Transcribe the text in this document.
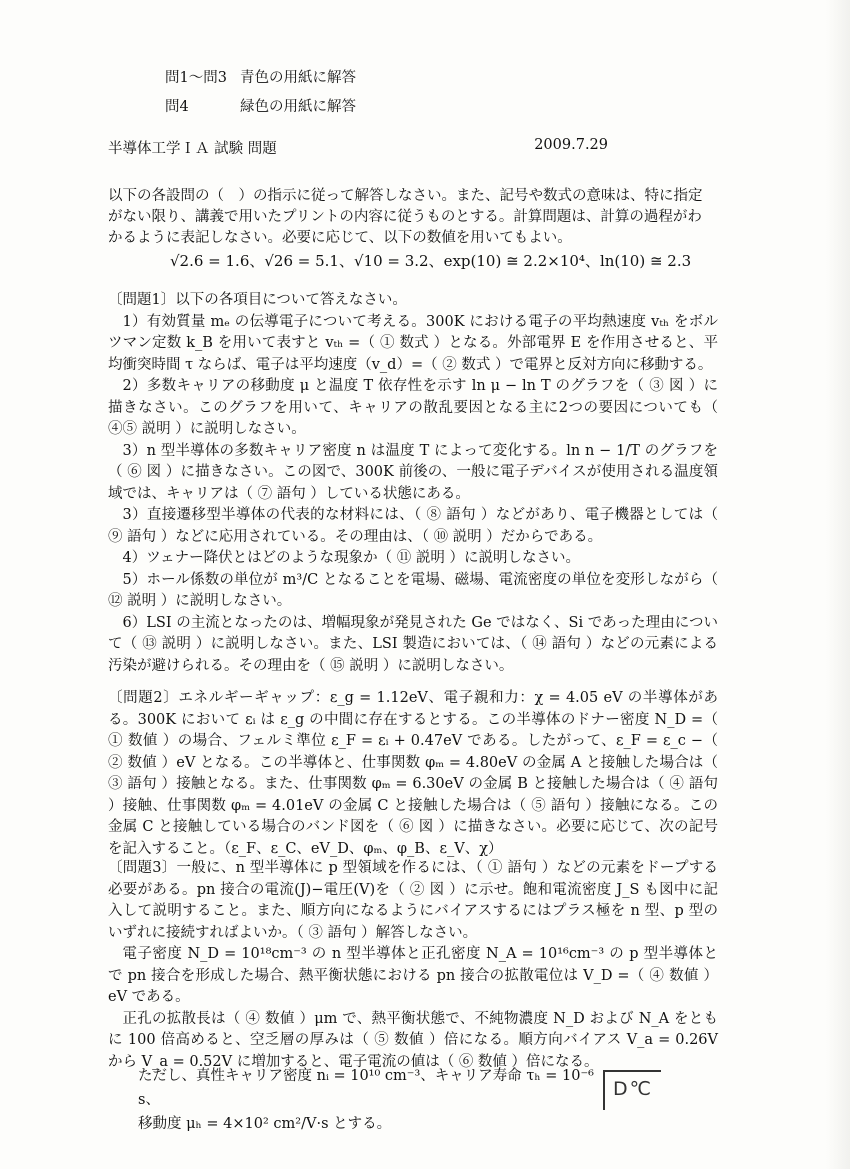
問1～問3 青色の用紙に解答
問4	緑色の用紙に解答
半導体工学ＩＡ 試験 問題	2009.7.29
以下の各設問の（　）の指示に従って解答しなさい。また、記号や数式の意味は、特に指定がない限り、講義で用いたプリントの内容に従うものとする。計算問題は、計算の過程がわかるように表記しなさい。必要に応じて、以下の数値を用いてもよい。
√2.6 = 1.6、√26 = 5.1、√10 = 3.2、exp(10) ≅ 2.2×10⁴、ln(10) ≅ 2.3

〔問題1〕以下の各項目について答えなさい。

1）有効質量 mₑ の伝導電子について考える。300K における電子の平均熱速度 vₜₕ をボルツマン定数 k_B を用いて表すと vₜₕ =（ ① 数式 ）となる。外部電界 E を作用させると、平均衝突時間 τ ならば、電子は平均速度（v_d）=（ ② 数式 ）で電界と反対方向に移動する。

2）多数キャリアの移動度 μ と温度 T 依存性を示す ln μ − ln T のグラフを（ ③ 図 ）に描きなさい。このグラフを用いて、キャリアの散乱要因となる主に2つの要因についても（ ④⑤ 説明 ）に説明しなさい。

3）n 型半導体の多数キャリア密度 n は温度 T によって変化する。ln n − 1/T のグラフを（ ⑥ 図 ）に描きなさい。この図で、300K 前後の、一般に電子デバイスが使用される温度領域では、キャリアは（ ⑦ 語句 ）している状態にある。

3）直接遷移型半導体の代表的な材料には、（ ⑧ 語句 ）などがあり、電子機器としては（ ⑨ 語句 ）などに応用されている。その理由は、（ ⑩ 説明 ）だからである。

4）ツェナー降伏とはどのような現象か（ ⑪ 説明 ）に説明しなさい。

5）ホール係数の単位が m³/C となることを電場、磁場、電流密度の単位を変形しながら（ ⑫ 説明 ）に説明しなさい。

6）LSI の主流となったのは、増幅現象が発見された Ge ではなく、Si であった理由について（ ⑬ 説明 ）に説明しなさい。また、LSI 製造においては、（ ⑭ 語句 ）などの元素による汚染が避けられる。その理由を（ ⑮ 説明 ）に説明しなさい。

〔問題2〕エネルギーギャップ：ε_g = 1.12eV、電子親和力：χ = 4.05 eV の半導体がある。300K において εᵢ は ε_g の中間に存在するとする。この半導体のドナー密度 N_D =（ ① 数値 ）の場合、フェルミ準位 ε_F = εᵢ + 0.47eV である。したがって、ε_F = ε_c −（ ② 数値 ）eV となる。この半導体と、仕事関数 φₘ = 4.80eV の金属 A と接触した場合は（ ③ 語句 ）接触となる。また、仕事関数 φₘ = 6.30eV の金属 B と接触した場合は（ ④ 語句 ）接触、仕事関数 φₘ = 4.01eV の金属 C と接触した場合は（ ⑤ 語句 ）接触になる。この金属 C と接触している場合のバンド図を（ ⑥ 図 ）に描きなさい。必要に応じて、次の記号を記入すること。（ε_F、ε_C、eV_D、φₘ、φ_B、ε_V、χ）

〔問題3〕一般に、n 型半導体に p 型領域を作るには、（ ① 語句 ）などの元素をドープする必要がある。pn 接合の電流(J)−電圧(V)を（ ② 図 ）に示せ。飽和電流密度 J_S も図中に記入して説明すること。また、順方向になるようにバイアスするにはプラス極を n 型、p 型のいずれに接続すればよいか。（ ③ 語句 ）解答しなさい。

電子密度 N_D = 10¹⁸cm⁻³ の n 型半導体と正孔密度 N_A = 10¹⁶cm⁻³ の p 型半導体とで pn 接合を形成した場合、熱平衡状態における pn 接合の拡散電位は V_D =（ ④ 数値 ）eV である。

正孔の拡散長は（ ④ 数値 ）μm で、熱平衡状態で、不純物濃度 N_D および N_A をともに 100 倍高めると、空乏層の厚みは（ ⑤ 数値 ）倍になる。順方向バイアス V_a = 0.26V から V_a = 0.52V に増加すると、電子電流の値は（ ⑥ 数値 ）倍になる。

ただし、真性キャリア密度 nᵢ = 10¹⁰ cm⁻³、キャリア寿命 τₕ = 10⁻⁶ s、
移動度 μₕ = 4×10² cm²/V·s とする。
D℃
